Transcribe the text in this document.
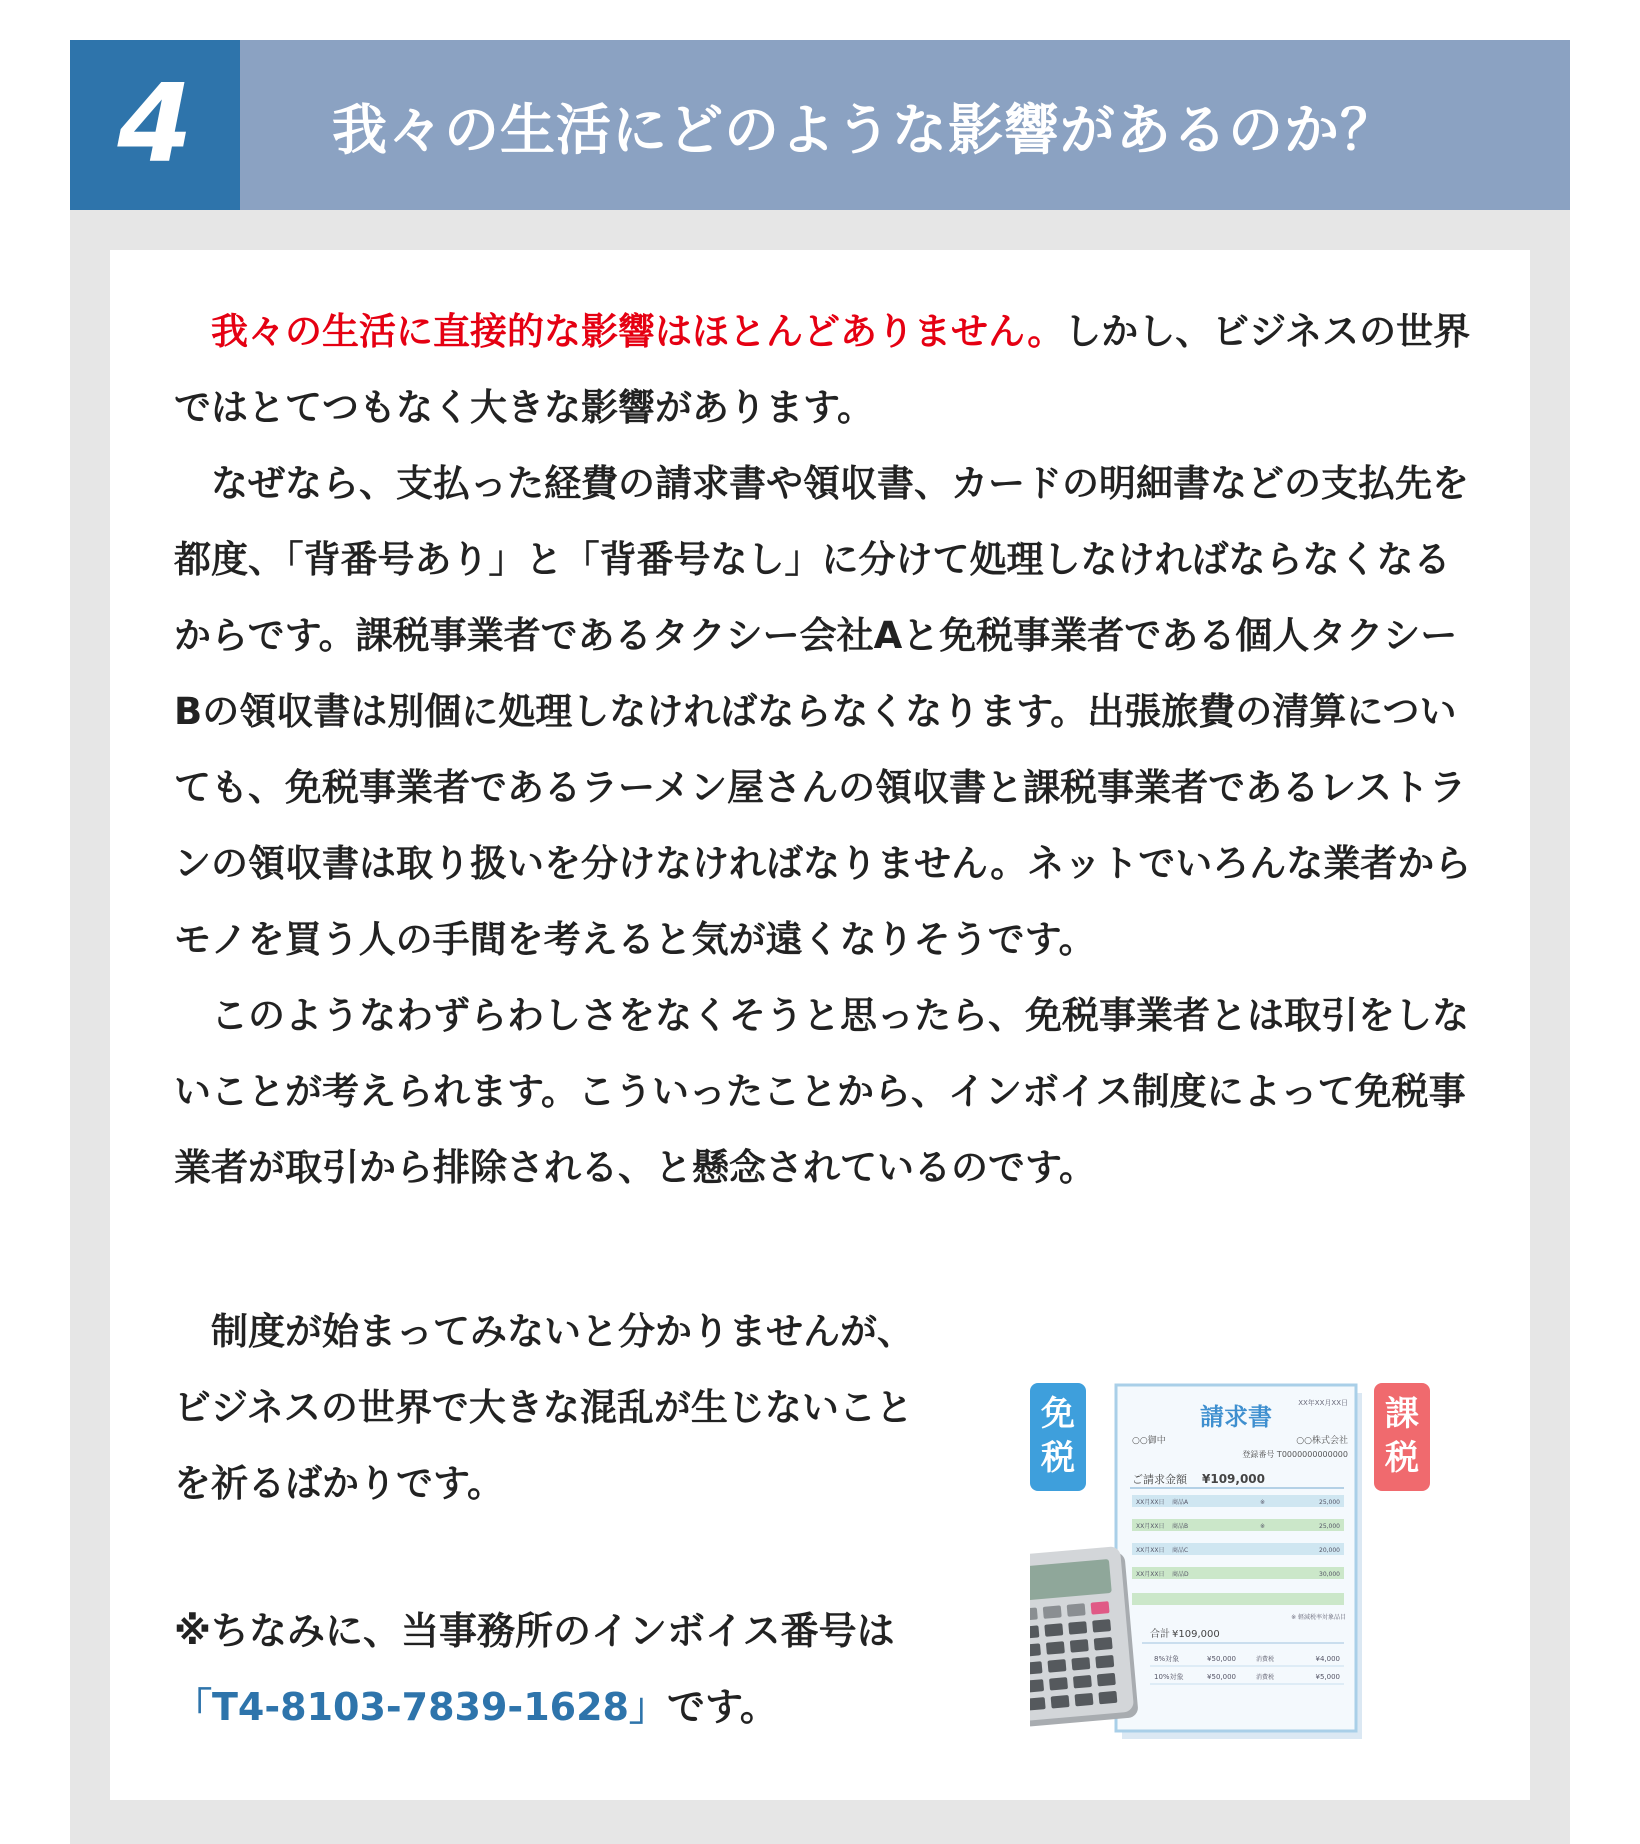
4	我々の生活にどのような影響があるのか？

　我々の生活に直接的な影響はほとんどありません。しかし、ビジネスの世界ではとてつもなく大きな影響があります。

　なぜなら、支払った経費の請求書や領収書、カードの明細書などの支払先を都度、「背番号あり」と「背番号なし」に分けて処理しなければならなくなるからです。課税事業者であるタクシー会社Aと免税事業者である個人タクシーBの領収書は別個に処理しなければならなくなります。出張旅費の清算についても、免税事業者であるラーメン屋さんの領収書と課税事業者であるレストランの領収書は取り扱いを分けなければなりません。ネットでいろんな業者からモノを買う人の手間を考えると気が遠くなりそうです。

　このようなわずらわしさをなくそうと思ったら、免税事業者とは取引をしないことが考えられます。こういったことから、インボイス制度によって免税事業者が取引から排除される、と懸念されているのです。

　制度が始まってみないと分かりませんが、

ビジネスの世界で大きな混乱が生じないこと

を祈るばかりです。

※ちなみに、当事務所のインボイス番号は

「T4-8103-7839-1628」です。

請求書	XX年XX月XX日
○○御中	○○株式会社
登録番号 T0000000000000
ご請求金額 ¥109,000
XX月XX日 商品A	※	25,000
XX月XX日 商品B	※	25,000
XX月XX日 商品C	20,000
XX月XX日 商品D	30,000
※ 軽減税率対象品目
合計 ¥109,000
8%対象	¥50,000	消費税	¥4,000
10%対象	¥50,000	消費税	¥5,000
免
税
課
税
